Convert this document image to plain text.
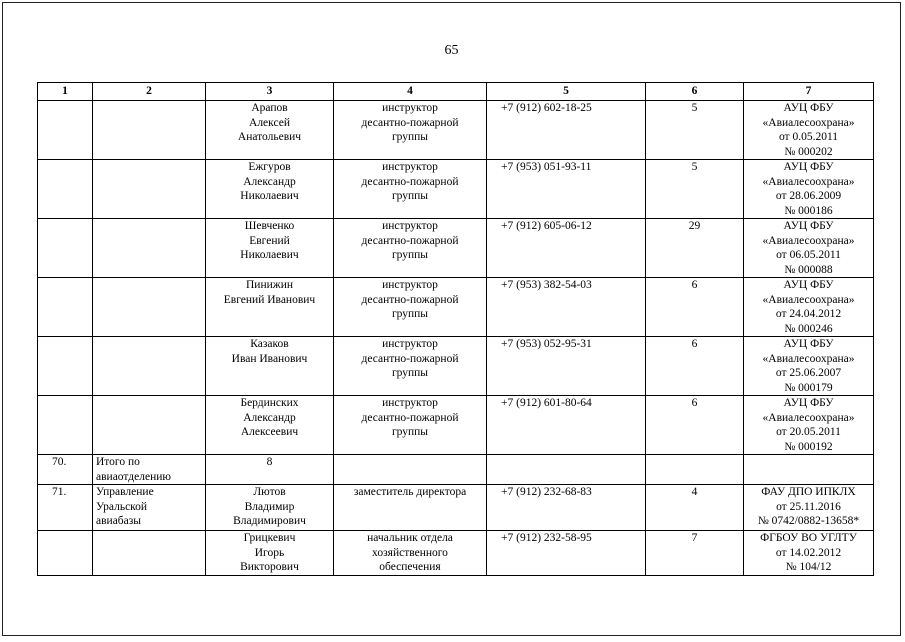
65
1	2	3	4	5	6	7

		Арапов
Алексей
Анатольевич	инструктор
десантно-пожарной
группы	+7 (912) 602-18-25	5	АУЦ ФБУ
«Авиалесоохрана»
от 0.05.2011
№ 000202

		Ежгуров
Александр
Николаевич	инструктор
десантно-пожарной
группы	+7 (953) 051-93-11	5	АУЦ ФБУ
«Авиалесоохрана»
от 28.06.2009
№ 000186

		Шевченко
Евгений
Николаевич	инструктор
десантно-пожарной
группы	+7 (912) 605-06-12	29	АУЦ ФБУ
«Авиалесоохрана»
от 06.05.2011
№ 000088

		Пинижин
Евгений Иванович	инструктор
десантно-пожарной
группы	+7 (953) 382-54-03	6	АУЦ ФБУ
«Авиалесоохрана»
от 24.04.2012
№ 000246

		Казаков
Иван Иванович	инструктор
десантно-пожарной
группы	+7 (953) 052-95-31	6	АУЦ ФБУ
«Авиалесоохрана»
от 25.06.2007
№ 000179

		Бердинских
Александр
Алексеевич	инструктор
десантно-пожарной
группы	+7 (912) 601-80-64	6	АУЦ ФБУ
«Авиалесоохрана»
от 20.05.2011
№ 000192

70.	Итого по
авиаотделению	8				

71.	Управление
Уральской
авиабазы	Лютов
Владимир
Владимирович	заместитель директора	+7 (912) 232-68-83	4	ФАУ ДПО ИПКЛХ
от 25.11.2016
№ 0742/0882-13658*

		Грицкевич
Игорь
Викторович	начальник отдела
хозяйственного
обеспечения	+7 (912) 232-58-95	7	ФГБОУ ВО УГЛТУ
от 14.02.2012
№ 104/12
